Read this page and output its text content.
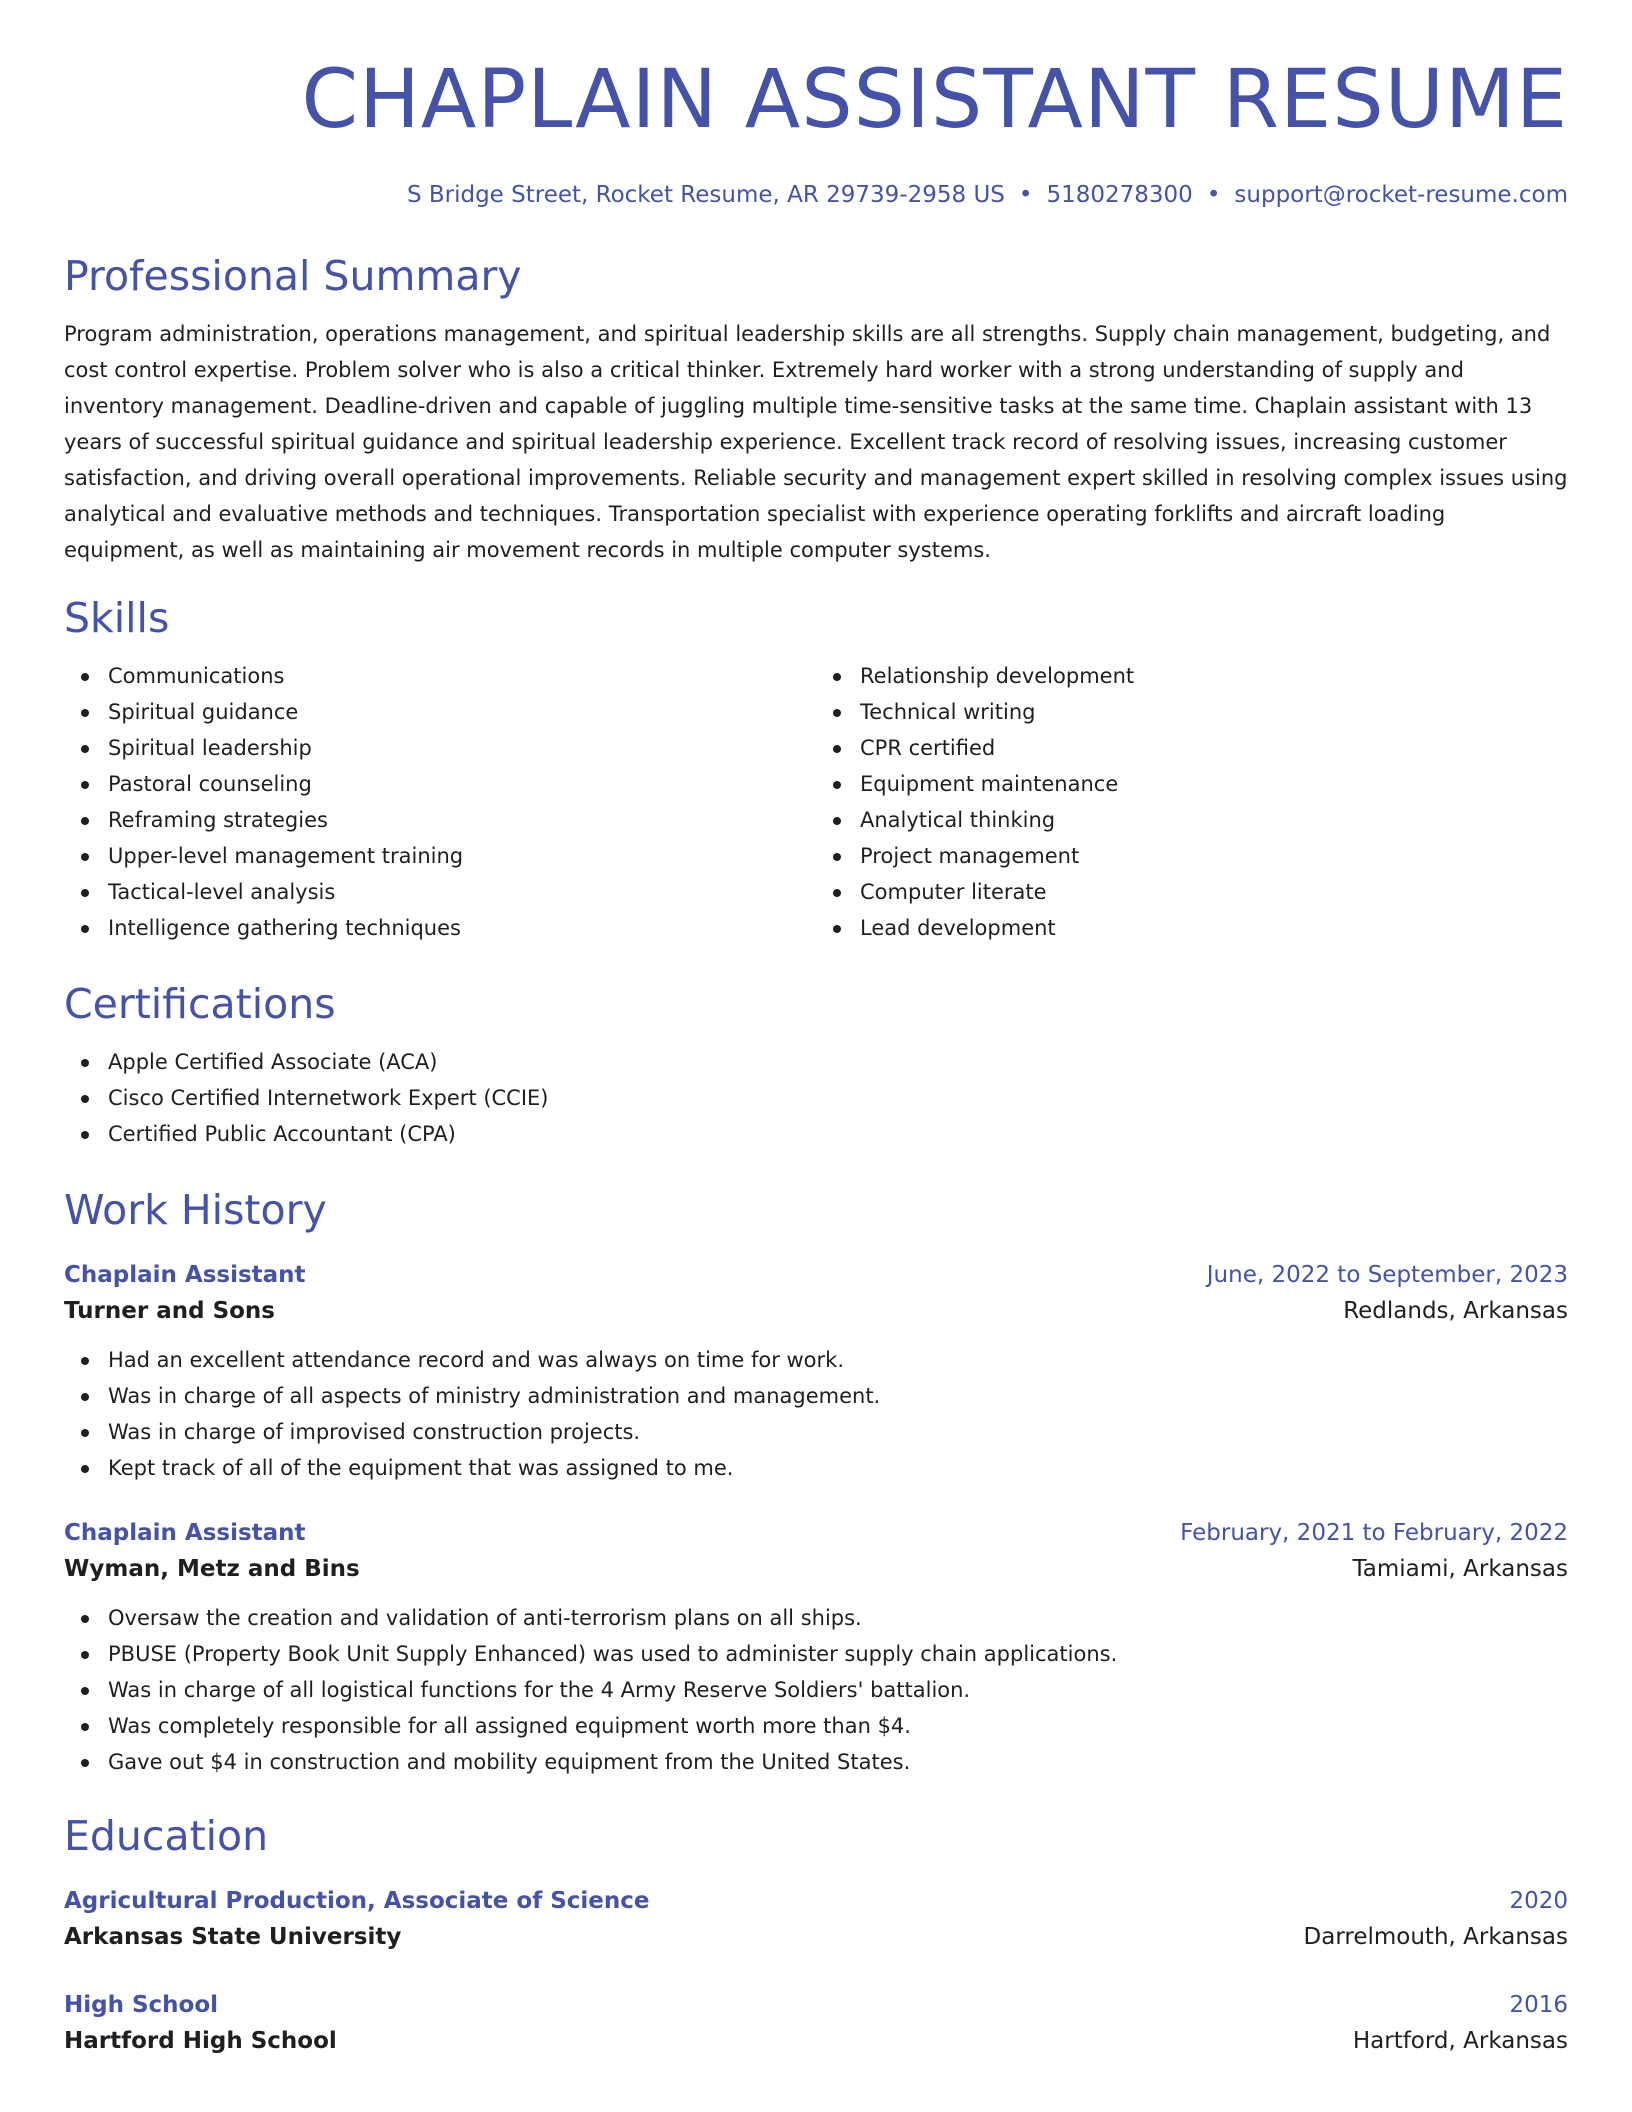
CHAPLAIN ASSISTANT RESUME
S Bridge Street, Rocket Resume, AR 29739-2958 US • 5180278300 • support@rocket-resume.com
Professional Summary
Program administration, operations management, and spiritual leadership skills are all strengths. Supply chain management, budgeting, and cost control expertise. Problem solver who is also a critical thinker. Extremely hard worker with a strong understanding of supply and inventory management. Deadline-driven and capable of juggling multiple time-sensitive tasks at the same time. Chaplain assistant with 13 years of successful spiritual guidance and spiritual leadership experience. Excellent track record of resolving issues, increasing customer satisfaction, and driving overall operational improvements. Reliable security and management expert skilled in resolving complex issues using analytical and evaluative methods and techniques. Transportation specialist with experience operating forklifts and aircraft loading equipment, as well as maintaining air movement records in multiple computer systems.
Skills
Communications
Spiritual guidance
Spiritual leadership
Pastoral counseling
Reframing strategies
Upper-level management training
Tactical-level analysis
Intelligence gathering techniques
Relationship development
Technical writing
CPR certified
Equipment maintenance
Analytical thinking
Project management
Computer literate
Lead development
Certifications
Apple Certified Associate (ACA)
Cisco Certified Internetwork Expert (CCIE)
Certified Public Accountant (CPA)
Work History
Chaplain Assistant	June, 2022 to September, 2023
Turner and Sons	Redlands, Arkansas
Had an excellent attendance record and was always on time for work.
Was in charge of all aspects of ministry administration and management.
Was in charge of improvised construction projects.
Kept track of all of the equipment that was assigned to me.
Chaplain Assistant	February, 2021 to February, 2022
Wyman, Metz and Bins	Tamiami, Arkansas
Oversaw the creation and validation of anti-terrorism plans on all ships.
PBUSE (Property Book Unit Supply Enhanced) was used to administer supply chain applications.
Was in charge of all logistical functions for the 4 Army Reserve Soldiers' battalion.
Was completely responsible for all assigned equipment worth more than $4.
Gave out $4 in construction and mobility equipment from the United States.
Education
Agricultural Production, Associate of Science	2020
Arkansas State University	Darrelmouth, Arkansas
High School	2016
Hartford High School	Hartford, Arkansas
